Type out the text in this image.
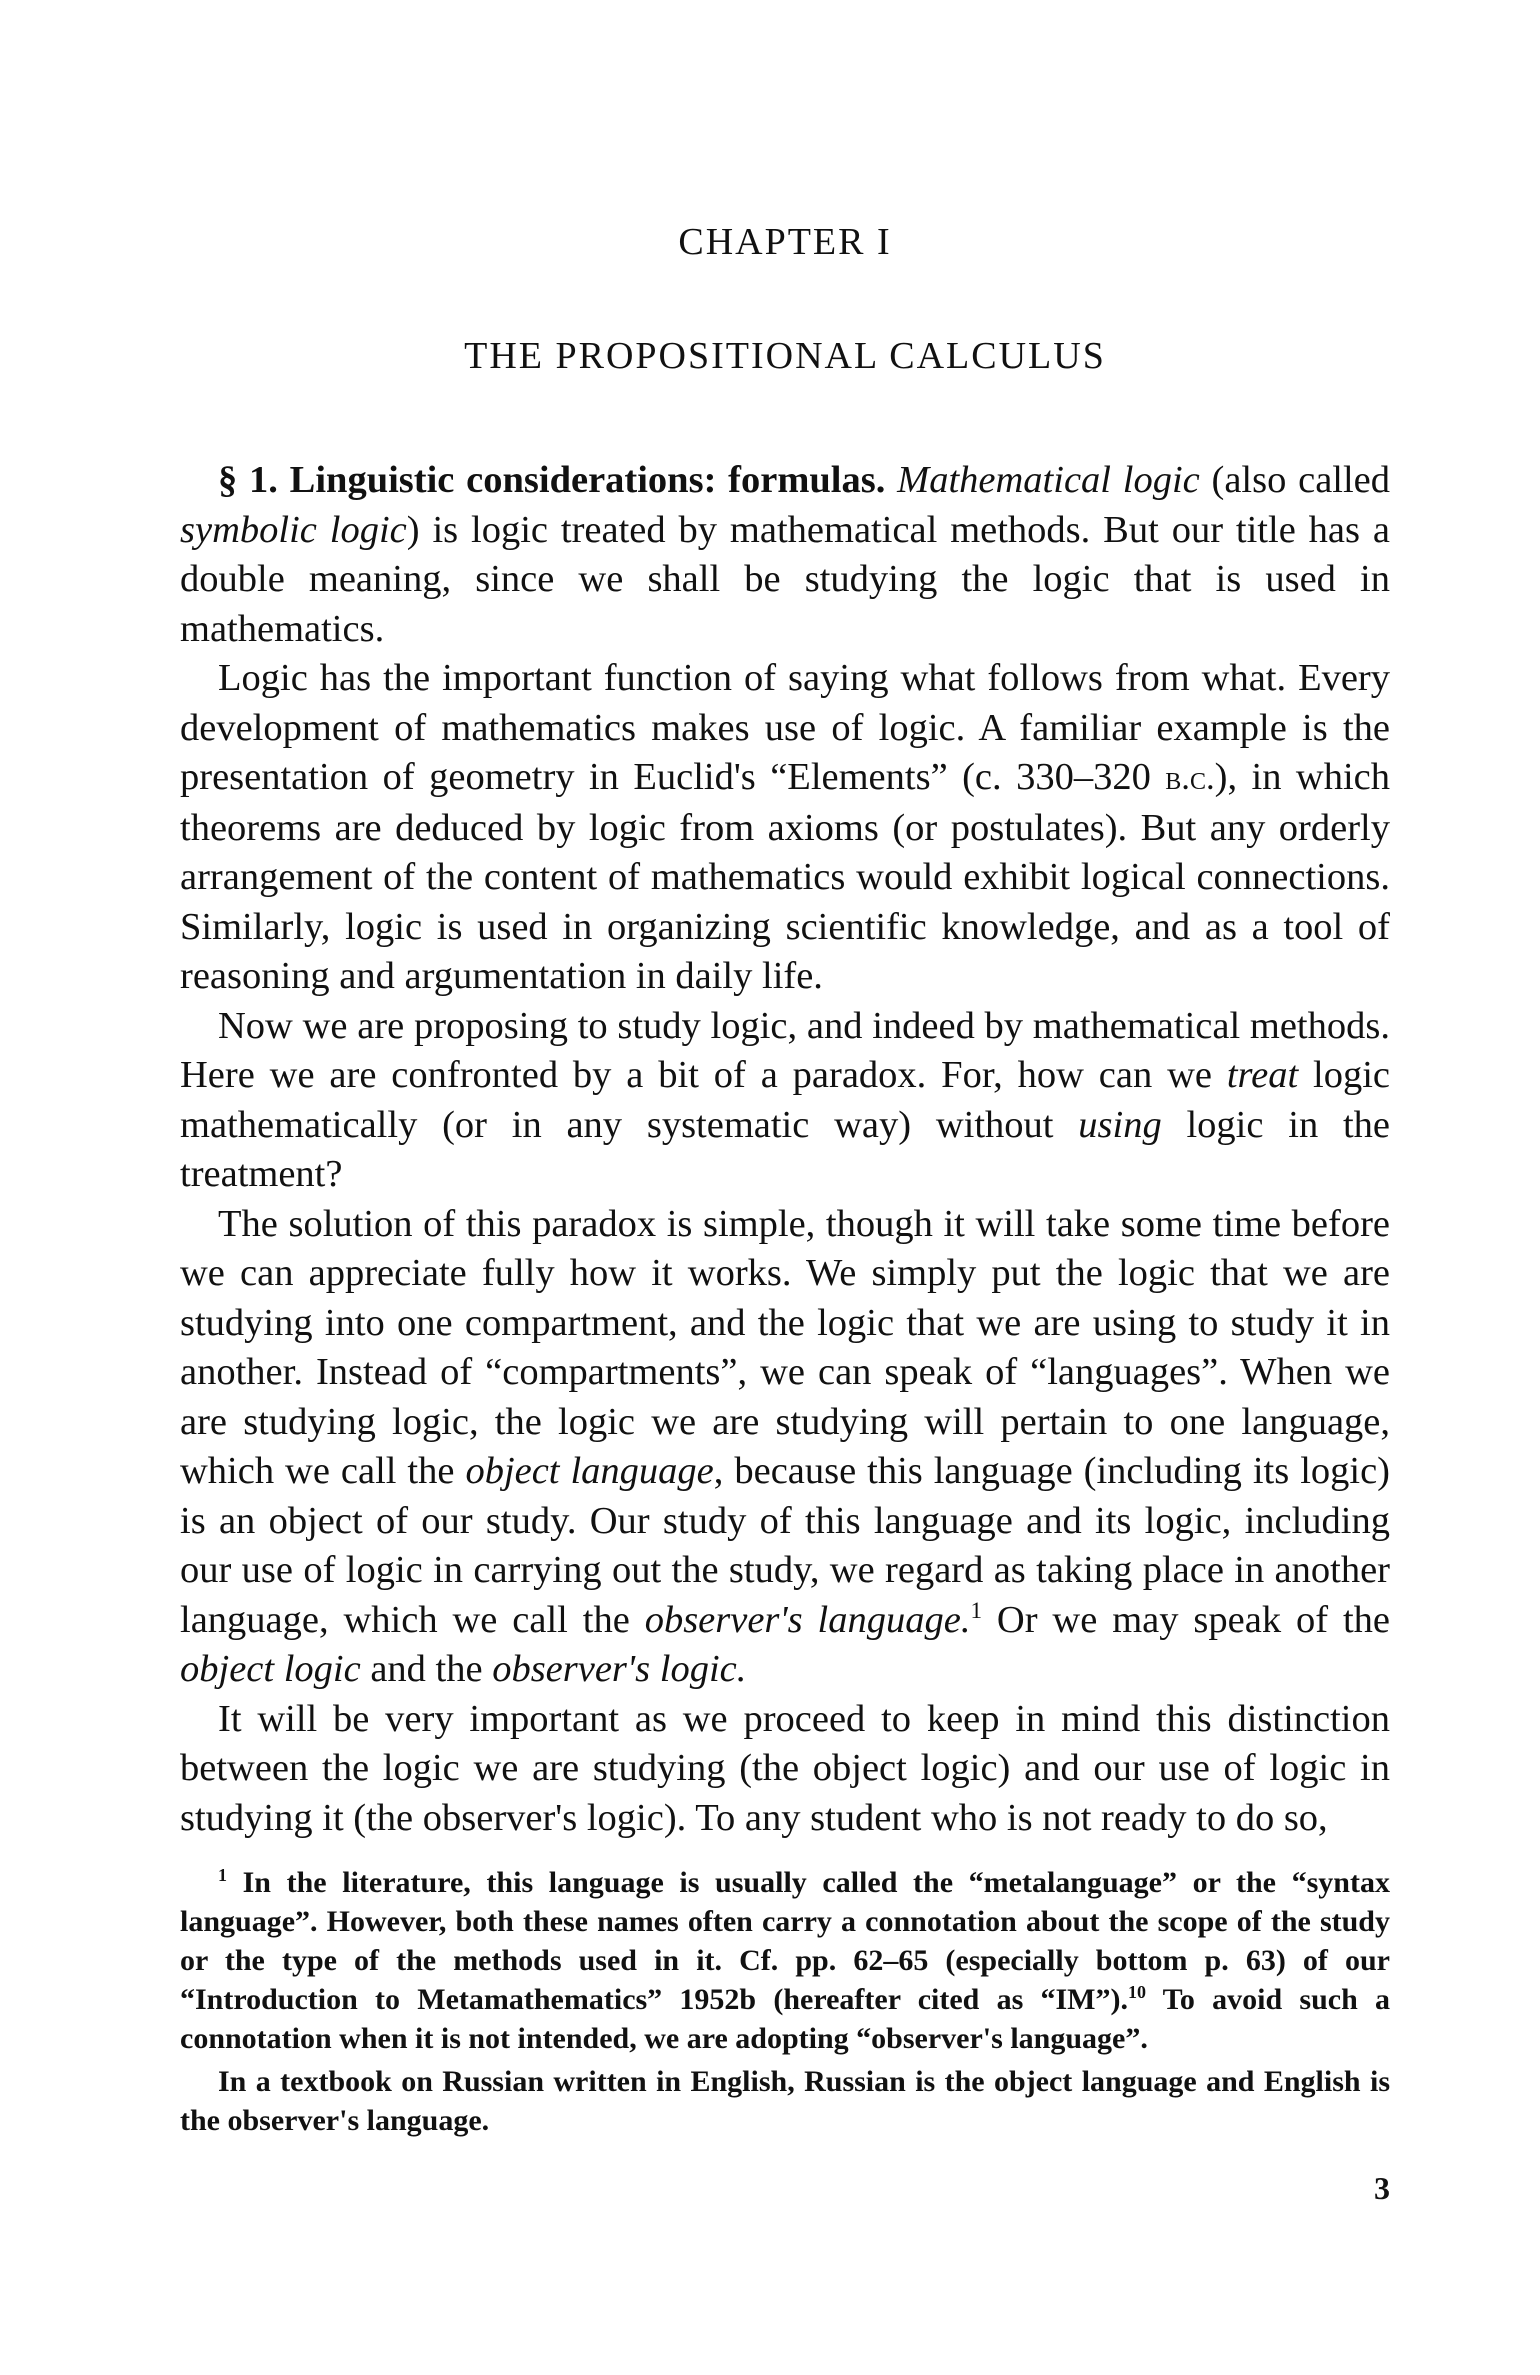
CHAPTER I
THE PROPOSITIONAL CALCULUS

§ 1. Linguistic considerations: formulas. Mathematical logic (also called symbolic logic) is logic treated by mathematical methods. But our title has a double meaning, since we shall be studying the logic that is used in mathematics.

Logic has the important function of saying what follows from what. Every development of mathematics makes use of logic. A familiar example is the presentation of geometry in Euclid's “Elements” (c. 330–320 b.c.), in which theorems are deduced by logic from axioms (or postulates). But any orderly arrangement of the content of mathematics would exhibit logical connections. Similarly, logic is used in organizing scientific knowledge, and as a tool of reasoning and argumentation in daily life.

Now we are proposing to study logic, and indeed by mathematical methods. Here we are confronted by a bit of a paradox. For, how can we treat logic mathematically (or in any systematic way) without using logic in the treatment?

The solution of this paradox is simple, though it will take some time before we can appreciate fully how it works. We simply put the logic that we are studying into one compartment, and the logic that we are using to study it in another. Instead of “compartments”, we can speak of “languages”. When we are studying logic, the logic we are studying will pertain to one language, which we call the object language, because this language (including its logic) is an object of our study. Our study of this language and its logic, including our use of logic in carrying out the study, we regard as taking place in another language, which we call the observer's language.$^1$ Or we may speak of the object logic and the observer's logic.

It will be very important as we proceed to keep in mind this distinction between the logic we are studying (the object logic) and our use of logic in studying it (the observer's logic). To any student who is not ready to do so,

$^1$ In the literature, this language is usually called the “metalanguage” or the “syntax language”. However, both these names often carry a connotation about the scope of the study or the type of the methods used in it. Cf. pp. 62–65 (especially bottom p. 63) of our “Introduction to Metamathematics” 1952b (hereafter cited as “IM”).$^{10}$ To avoid such a connotation when it is not intended, we are adopting “observer's language”.

In a textbook on Russian written in English, Russian is the object language and English is the observer's language.

3
